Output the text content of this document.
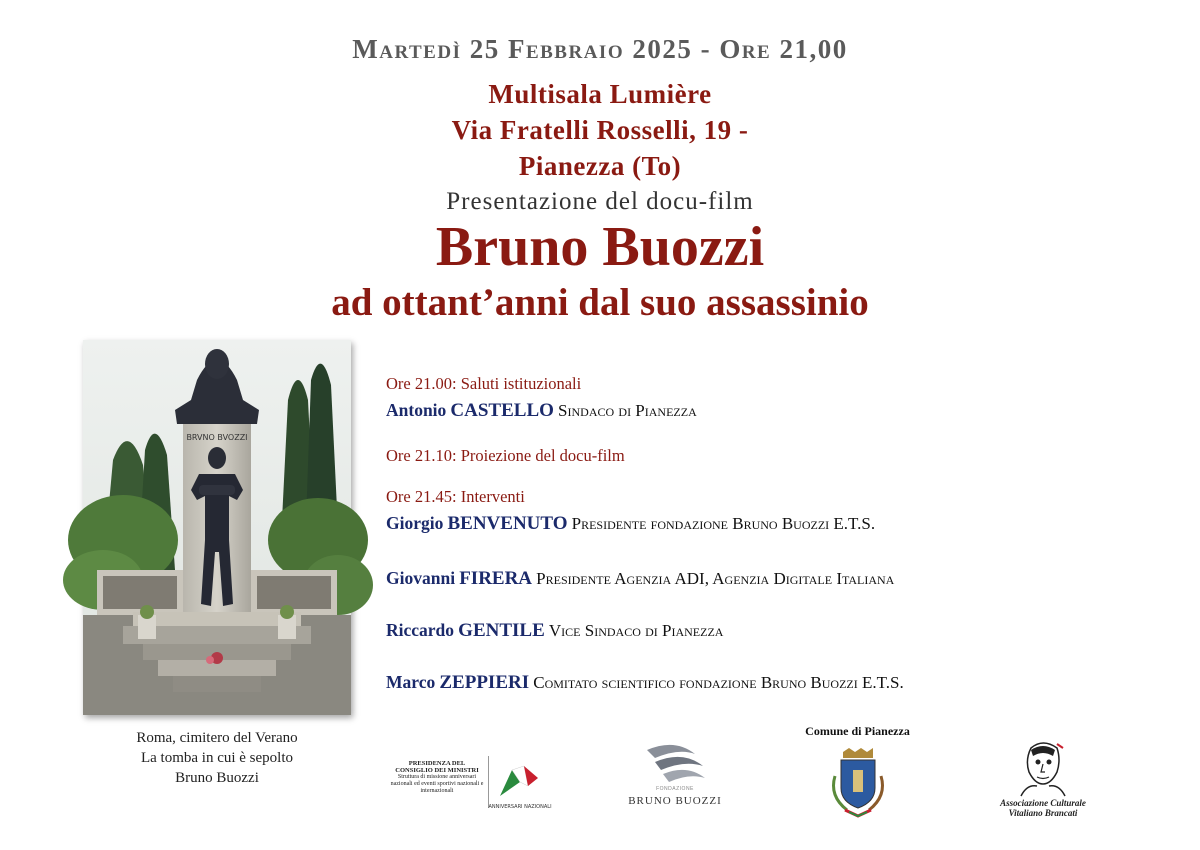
Martedì 25 Febbraio 2025 - Ore 21,00
Multisala Lumière
Via Fratelli Rosselli, 19 -
Pianezza (To)
Presentazione del docu-film
Bruno Buozzi
ad ottant’anni dal suo assassinio
BRVNO BVOZZI
Roma, cimitero del Verano
La tomba in cui è sepolto
Bruno Buozzi
Ore 21.00: Saluti istituzionali
Antonio CASTELLO Sindaco di Pianezza
Ore 21.10: Proiezione del docu-film
Ore 21.45: Interventi
Giorgio BENVENUTO Presidente fondazione Bruno Buozzi E.T.S.
Giovanni FIRERA Presidente Agenzia ADI, Agenzia Digitale Italiana
Riccardo GENTILE Vice Sindaco di Pianezza
Marco ZEPPIERI Comitato scientifico fondazione Bruno Buozzi E.T.S.
PRESIDENZA DEL CONSIGLIO DEI MINISTRI
Struttura di missione anniversari nazionali ed eventi sportivi nazionali e internazionali
ANNIVERSARI NAZIONALI
FONDAZIONE
BRUNO BUOZZI
Comune di Pianezza
Associazione Culturale
Vitaliano Brancati
